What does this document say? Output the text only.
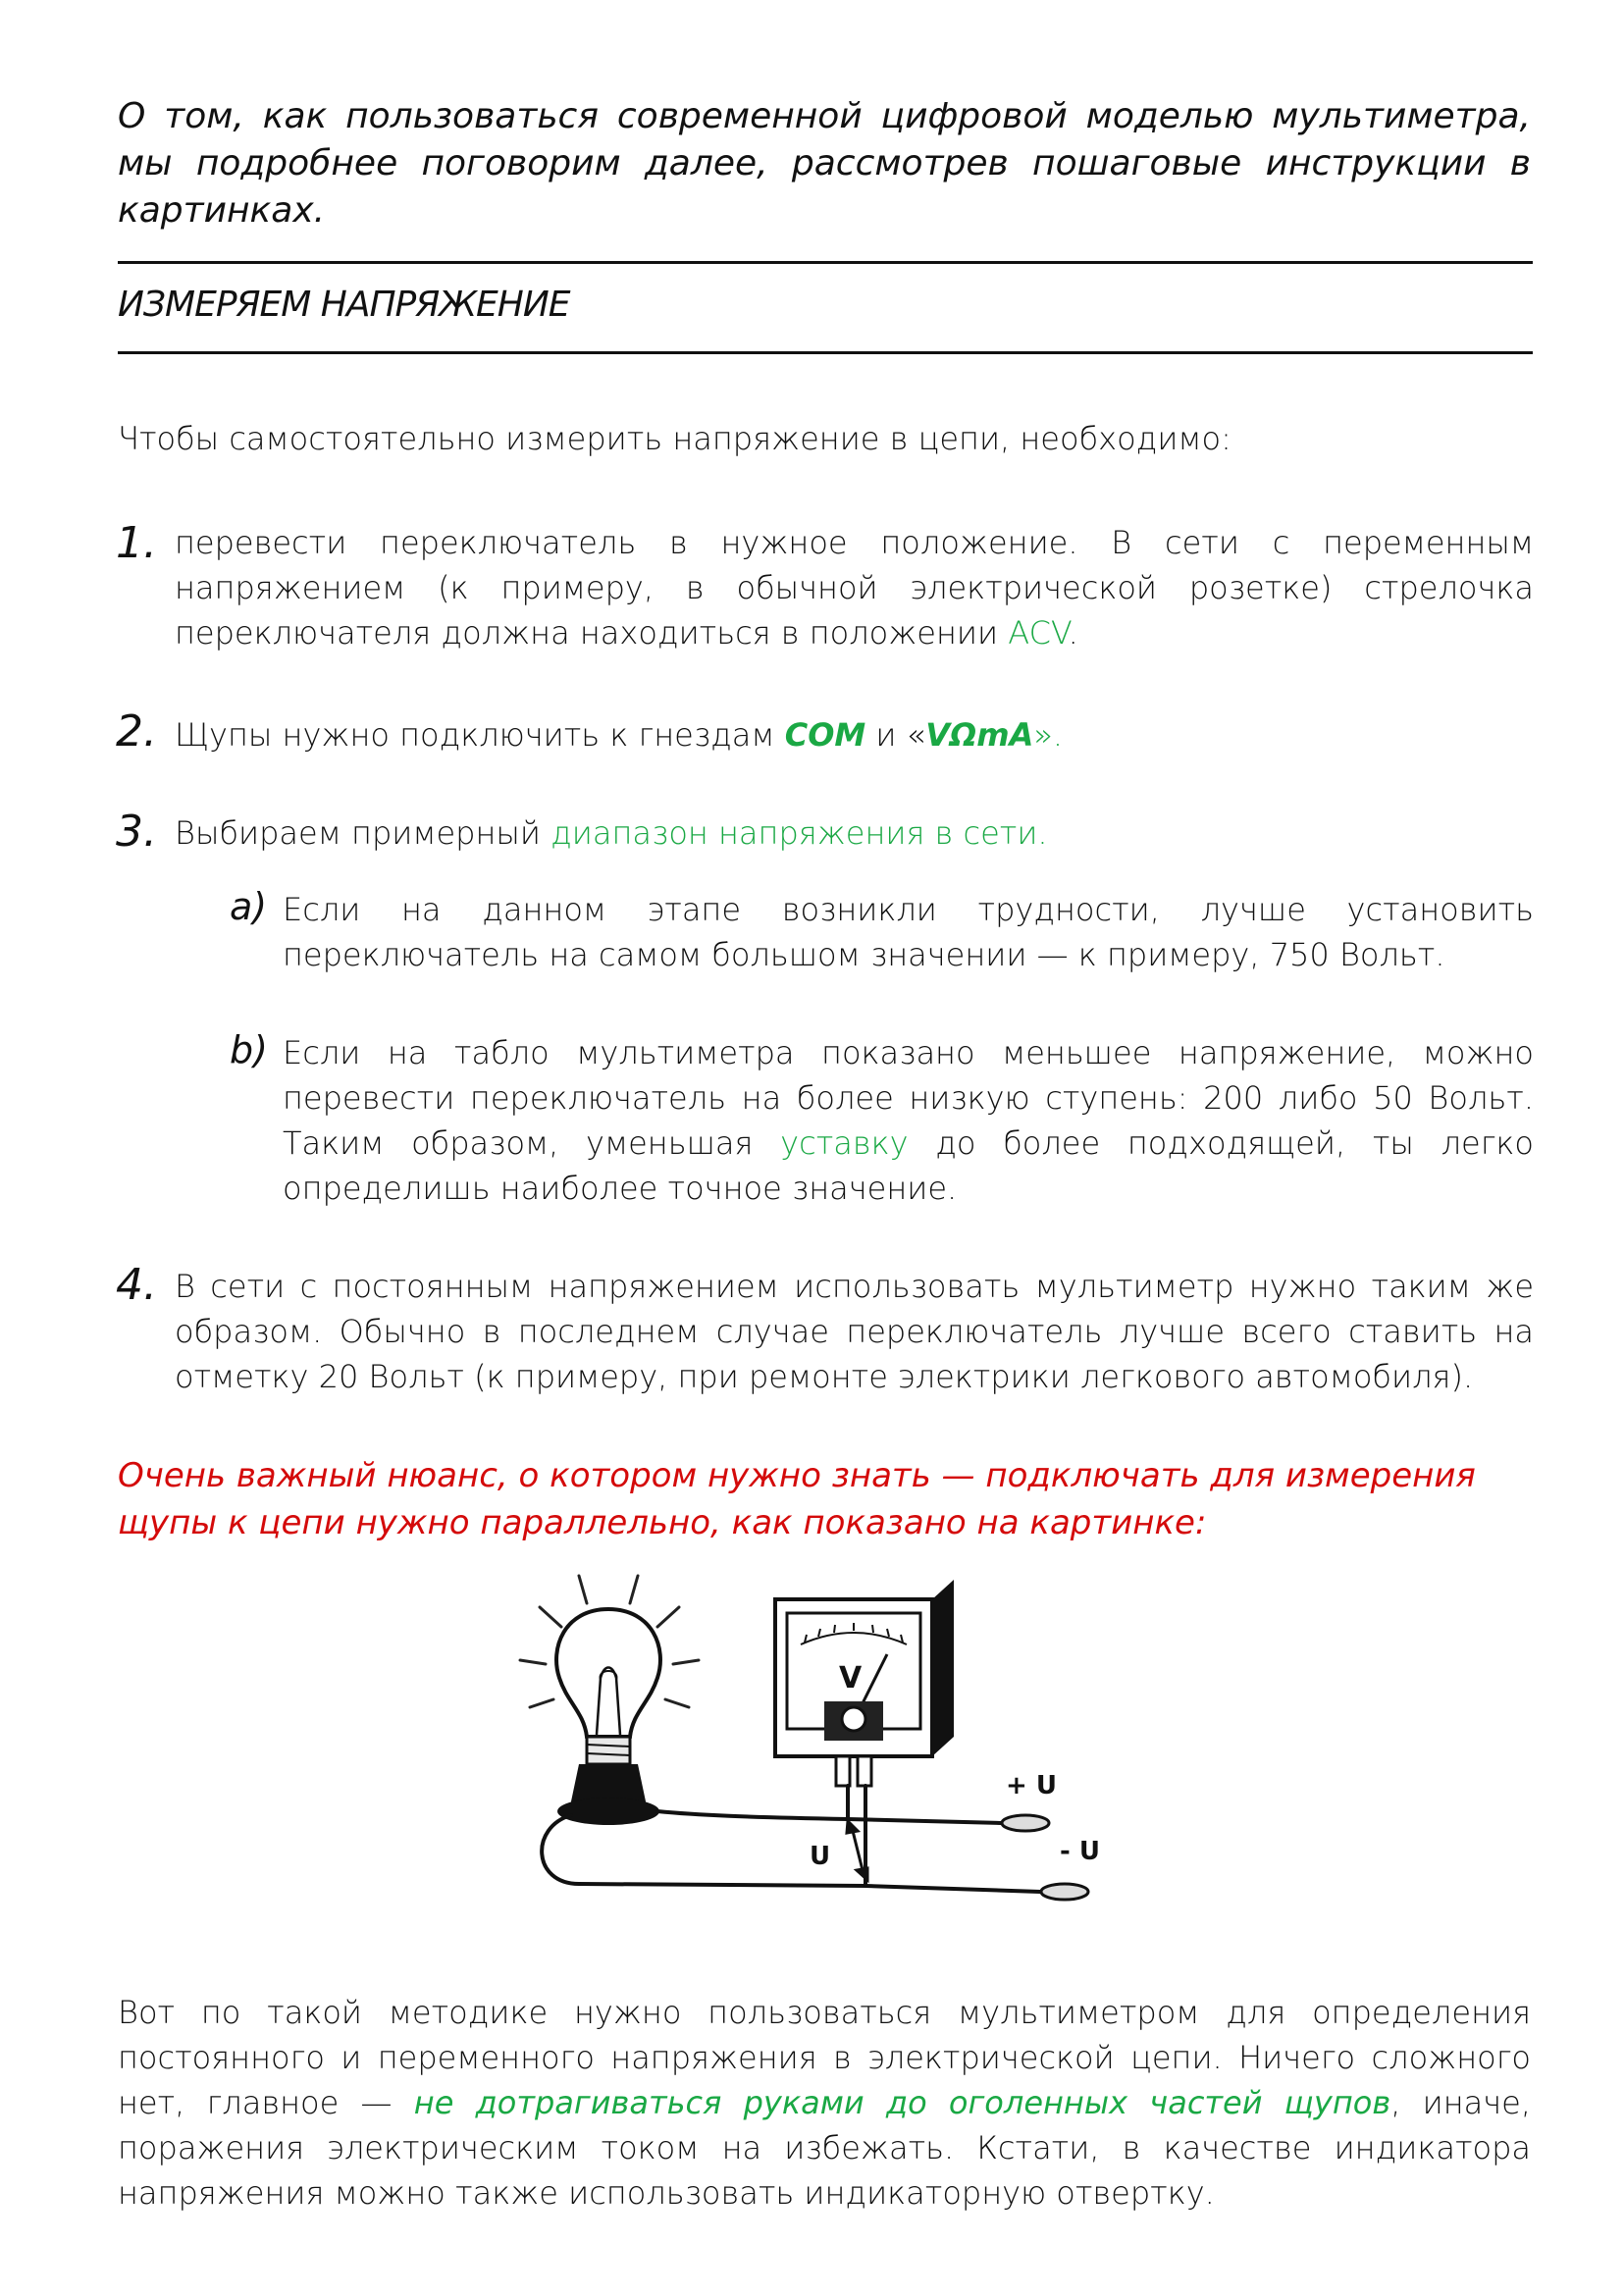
О том, как пользоваться современной цифровой моделью мультиметра, мы подробнее поговорим далее, рассмотрев пошаговые инструкции в картинках.

ИЗМЕРЯЕМ НАПРЯЖЕНИЕ
Чтобы самостоятельно измерить напряжение в цепи, необходимо:
1. перевести переключатель в нужное положение. В сети с переменным напряжением (к примеру, в обычной электрической розетке) стрелочка переключателя должна находиться в положении ACV.
2. Щупы нужно подключить к гнездам COM и «VΩmA».
3. Выбираем примерный диапазон напряжения в сети.
a) Если на данном этапе возникли трудности, лучше установить переключатель на самом большом значении — к примеру, 750 Вольт.
b) Если на табло мультиметра показано меньшее напряжение, можно перевести переключатель на более низкую ступень: 200 либо 50 Вольт. Таким образом, уменьшая уставку до более подходящей, ты легко определишь наиболее точное значение.
4. В сети с постоянным напряжением использовать мультиметр нужно таким же образом. Обычно в последнем случае переключатель лучше всего ставить на отметку 20 Вольт (к примеру, при ремонте электрики легкового автомобиля).
Очень важный нюанс, о котором нужно знать — подключать для измерения щупы к цепи нужно параллельно, как показано на картинке:
V
+ U
- U
U
Вот по такой методике нужно пользоваться мультиметром для определения постоянного и переменного напряжения в электрической цепи. Ничего сложного нет, главное — не дотрагиваться руками до оголенных частей щупов, иначе, поражения электрическим током на избежать. Кстати, в качестве индикатора напряжения можно также использовать индикаторную отвертку.
